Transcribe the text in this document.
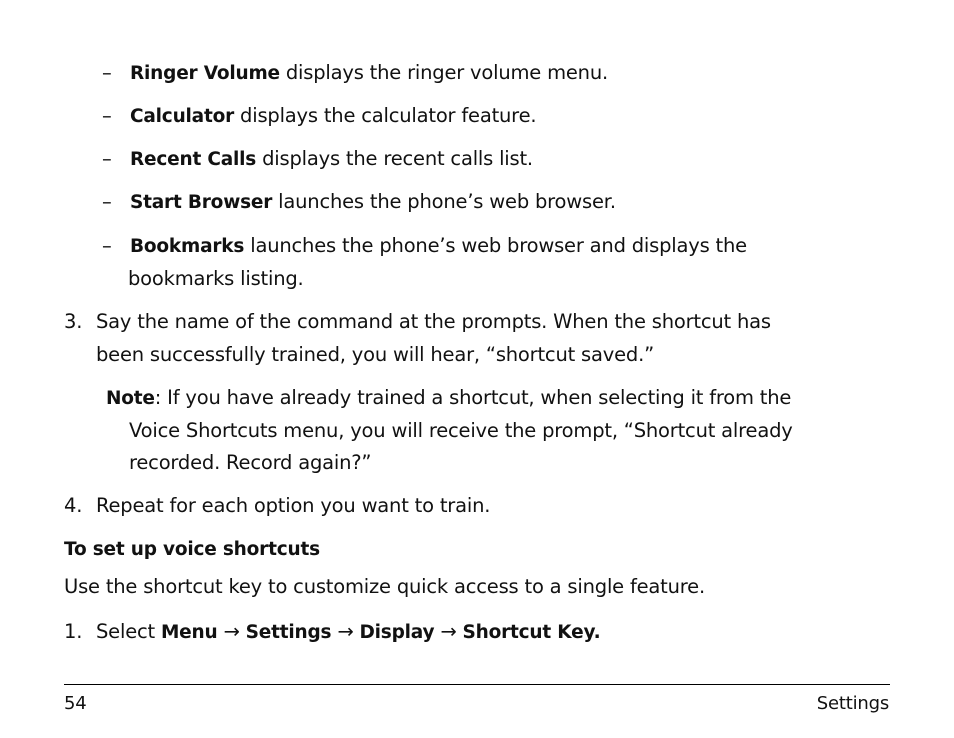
– Ringer Volume displays the ringer volume menu.
– Calculator displays the calculator feature.
– Recent Calls displays the recent calls list.
– Start Browser launches the phone’s web browser.
– Bookmarks launches the phone’s web browser and displays the
bookmarks listing.
3. Say the name of the command at the prompts. When the shortcut has
been successfully trained, you will hear, “shortcut saved.”
Note: If you have already trained a shortcut, when selecting it from the
Voice Shortcuts menu, you will receive the prompt, “Shortcut already
recorded. Record again?”
4. Repeat for each option you want to train.
To set up voice shortcuts
Use the shortcut key to customize quick access to a single feature.
1. Select Menu → Settings → Display → Shortcut Key.
54	Settings
